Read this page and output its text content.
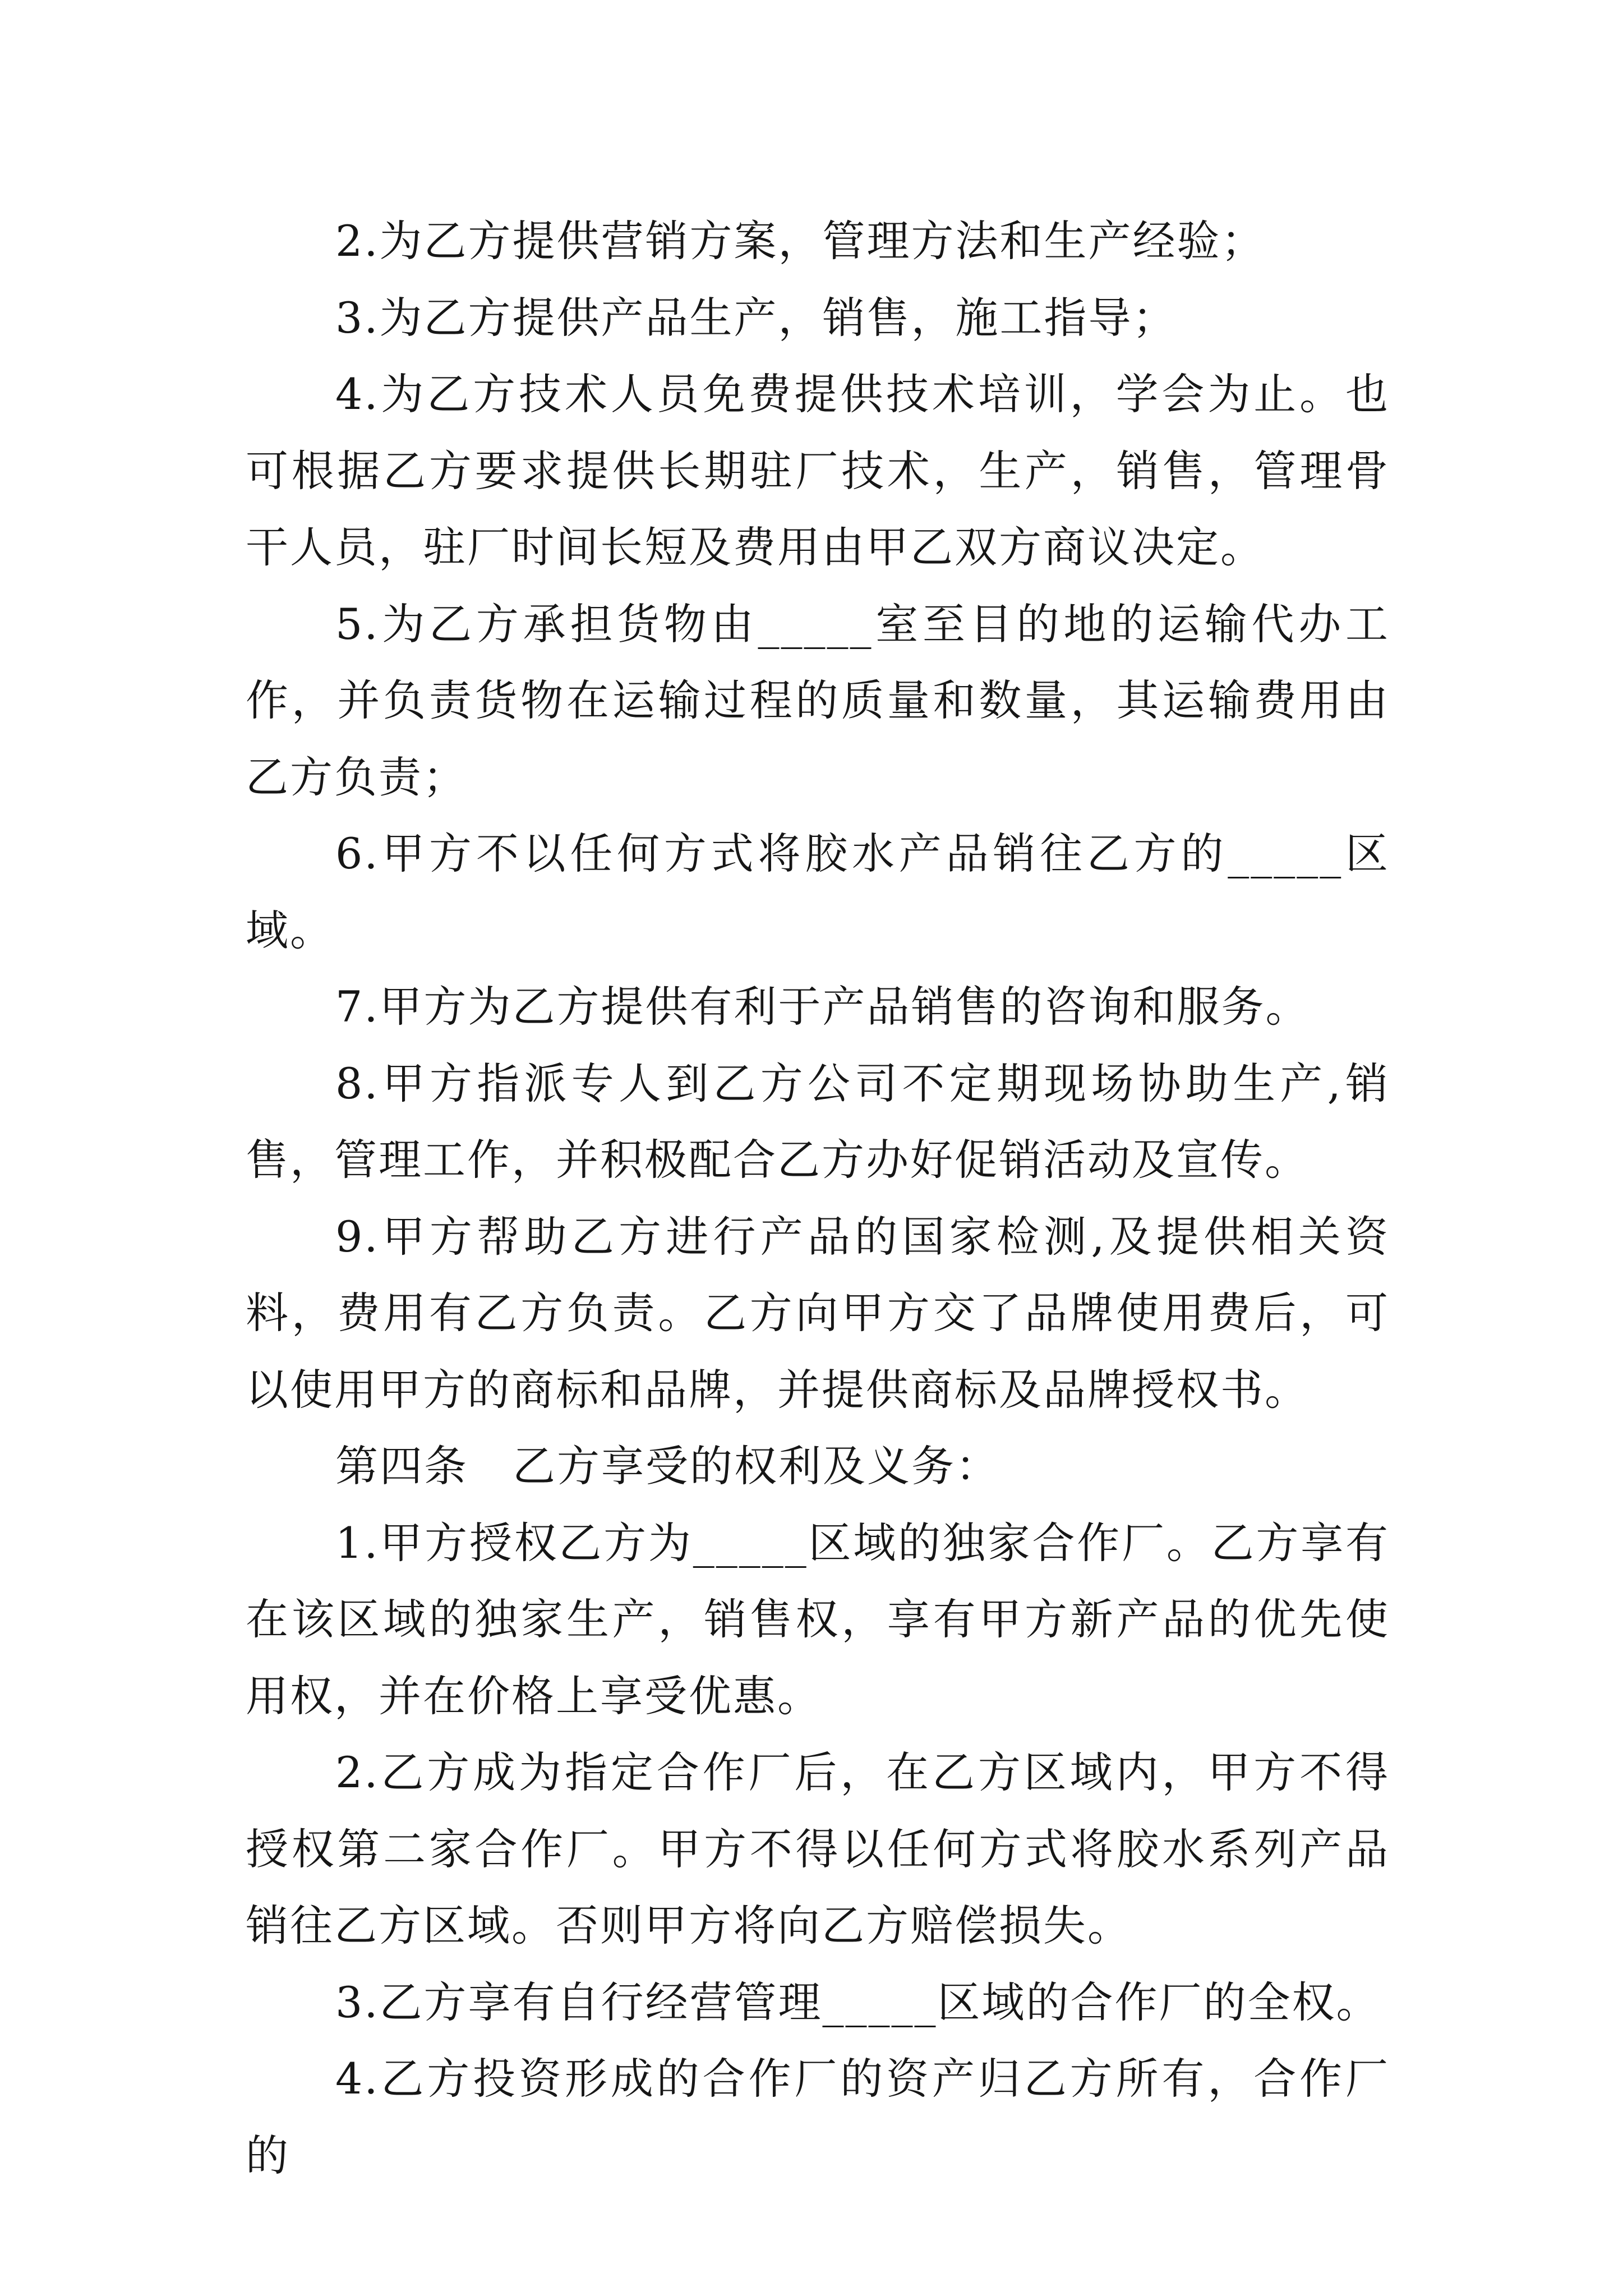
2.为乙方提供营销方案，管理方法和生产经验；

3.为乙方提供产品生产，销售，施工指导；

4.为乙方技术人员免费提供技术培训，学会为止。也可根据乙方要求提供长期驻厂技术，生产，销售，管理骨干人员，驻厂时间长短及费用由甲乙双方商议决定。

5.为乙方承担货物由_____室至目的地的运输代办工作，并负责货物在运输过程的质量和数量，其运输费用由乙方负责；

6.甲方不以任何方式将胶水产品销往乙方的_____区域。

7.甲方为乙方提供有利于产品销售的咨询和服务。

8.甲方指派专人到乙方公司不定期现场协助生产,销售，管理工作，并积极配合乙方办好促销活动及宣传。

9.甲方帮助乙方进行产品的国家检测,及提供相关资料，费用有乙方负责。乙方向甲方交了品牌使用费后，可以使用甲方的商标和品牌，并提供商标及品牌授权书。

第四条　乙方享受的权利及义务：

1.甲方授权乙方为_____区域的独家合作厂。乙方享有在该区域的独家生产，销售权，享有甲方新产品的优先使用权，并在价格上享受优惠。

2.乙方成为指定合作厂后，在乙方区域内，甲方不得授权第二家合作厂。甲方不得以任何方式将胶水系列产品销往乙方区域。否则甲方将向乙方赔偿损失。

3.乙方享有自行经营管理_____区域的合作厂的全权。

4.乙方投资形成的合作厂的资产归乙方所有，合作厂的
